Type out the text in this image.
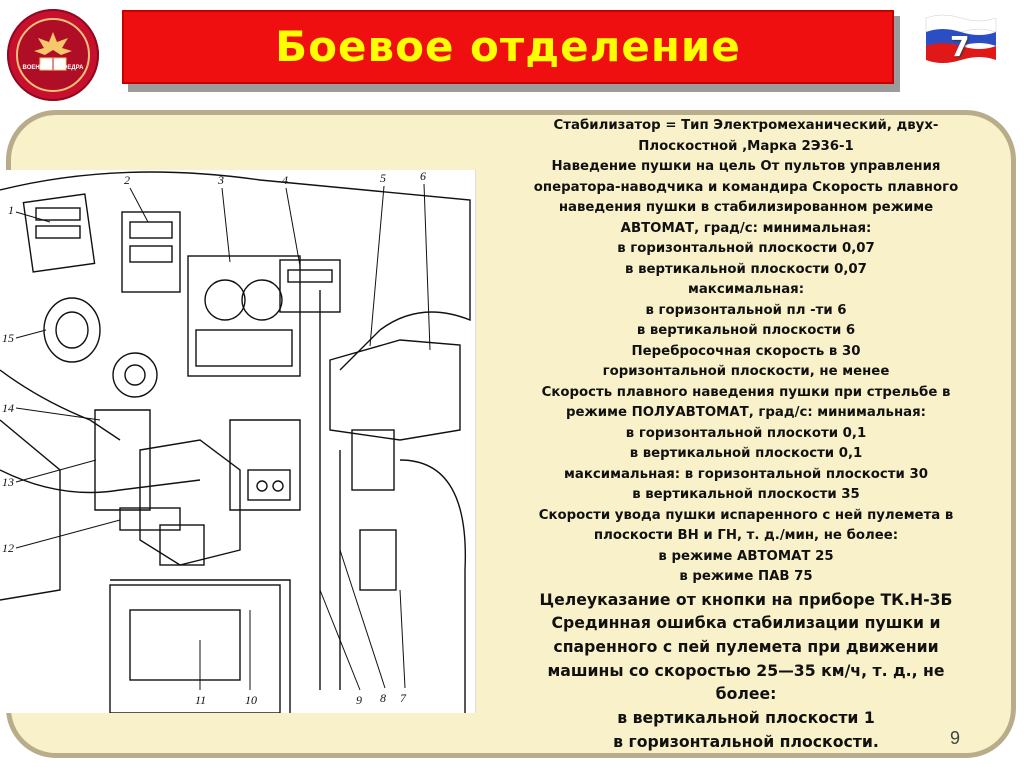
ВОЕННАЯ КАФЕДРА	Боевое отделение	7
1
2	3	4	5	6
15
14
13
12
11	10	9 8 7
Стабилизатор = Тип Электромеханический, двух-
Плоскостной ,Марка 2Э36-1
Наведение пушки на цель От пультов управления
оператора-наводчика и командира Скорость плавного
наведения пушки в стабилизированном режиме
АВТОМАТ, град/с: минимальная:
в горизонтальной плоскости 0,07
в вертикальной плоскости 0,07
максимальная:
в горизонтальной пл -ти 6
в вертикальной плоскости 6
Перебросочная скорость в 30
горизонтальной плоскости, не менее
Скорость плавного наведения пушки при стрельбе в
режиме ПОЛУАВТОМАТ, град/с: минимальная:
в горизонтальной плоскоти 0,1
в вертикальной плоскости 0,1
максимальная: в горизонтальной плоскости 30
в вертикальной плоскости 35
Скорости увода пушки испаренного с ней пулемета в
плоскости ВН и ГН, т. д./мин, не более:
в режиме АВТОМАТ 25
в режиме ПАВ 75
Целеуказание от кнопки на приборе ТК.Н-3Б
Срединная ошибка стабилизации пушки и
спаренного с пей пулемета при движении
машины со скоростью 25—35 км/ч, т. д., не
более:
в вертикальной плоскости 1
в горизонтальной плоскости.	9
